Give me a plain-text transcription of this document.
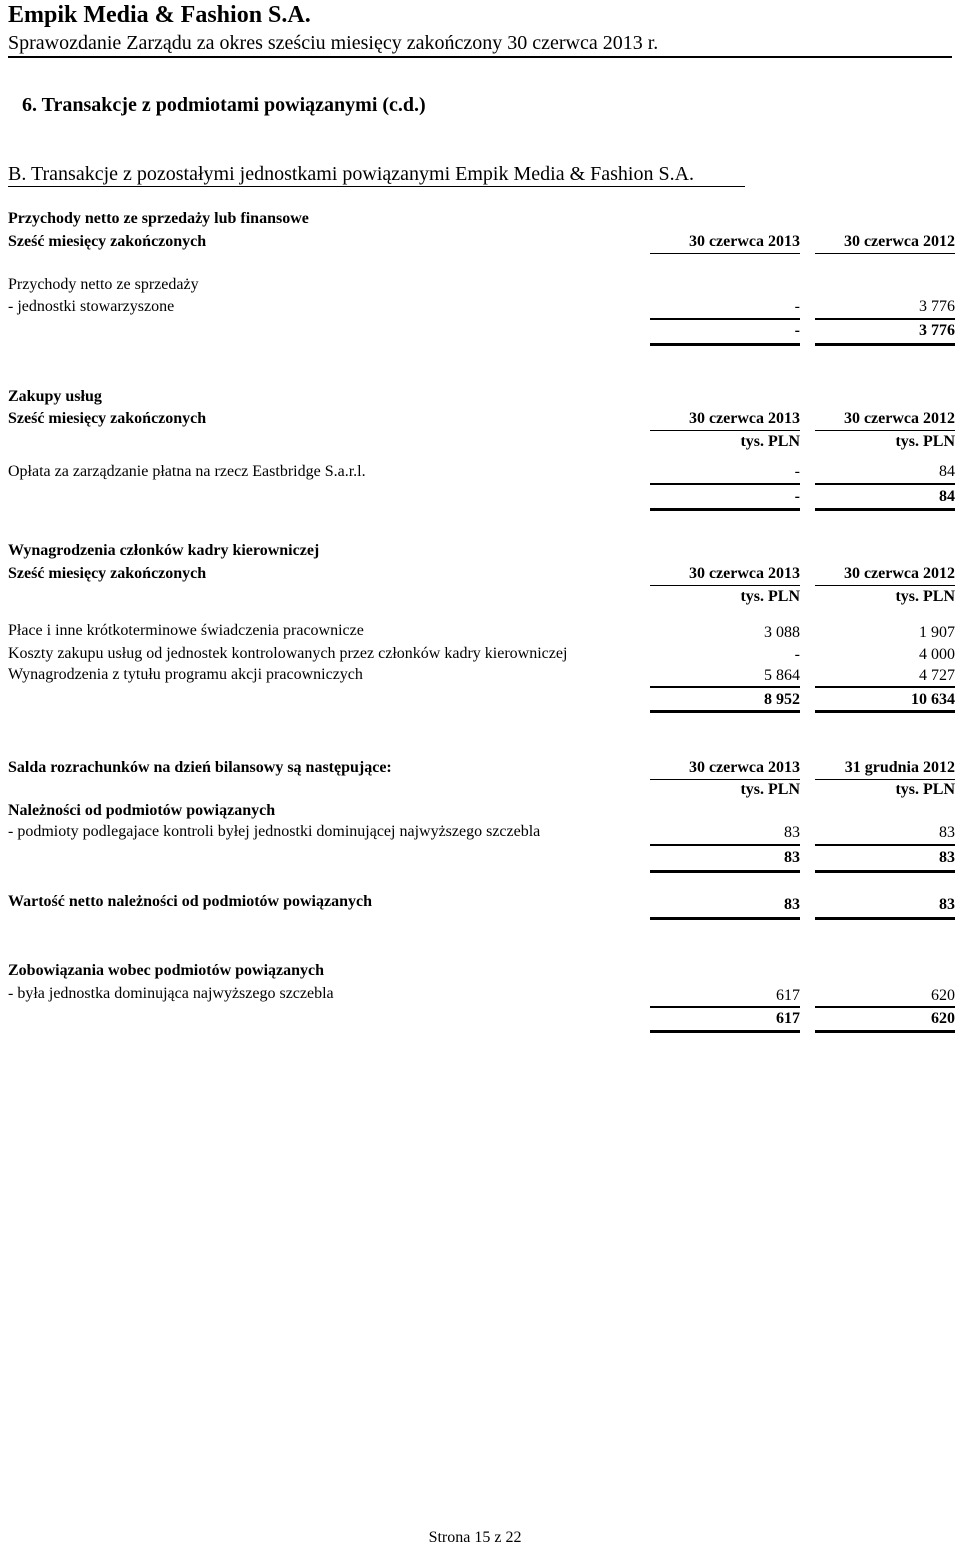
Empik Media & Fashion S.A.
Sprawozdanie Zarządu za okres sześciu miesięcy zakończony 30 czerwca 2013 r.
6. Transakcje z podmiotami powiązanymi (c.d.)
B. Transakcje z pozostałymi jednostkami powiązanymi Empik Media & Fashion S.A.
Przychody netto ze sprzedaży lub finansowe
Sześć miesięcy zakończonych	30 czerwca 2013	30 czerwca 2012
Przychody netto ze sprzedaży
- jednostki stowarzyszone	-	3 776
-	3 776
Zakupy usług
Sześć miesięcy zakończonych	30 czerwca 2013	30 czerwca 2012
tys. PLN	tys. PLN
Opłata za zarządzanie płatna na rzecz Eastbridge S.a.r.l.	-	84
-	84
Wynagrodzenia członków kadry kierowniczej
Sześć miesięcy zakończonych	30 czerwca 2013	30 czerwca 2012
tys. PLN	tys. PLN
Płace i inne krótkoterminowe świadczenia pracownicze	3 088	1 907
Koszty zakupu usług od jednostek kontrolowanych przez członków kadry kierowniczej	-	4 000
Wynagrodzenia z tytułu programu akcji pracowniczych	5 864	4 727
8 952	10 634
Salda rozrachunków na dzień bilansowy są następujące:	30 czerwca 2013	31 grudnia 2012
tys. PLN	tys. PLN
Należności od podmiotów powiązanych
- podmioty podlegajace kontroli byłej jednostki dominującej najwyższego szczebla	83	83
83	83
Wartość netto należności od podmiotów powiązanych	83	83
Zobowiązania wobec podmiotów powiązanych
- była jednostka dominująca najwyższego szczebla	617	620
617	620
Strona 15 z 22
